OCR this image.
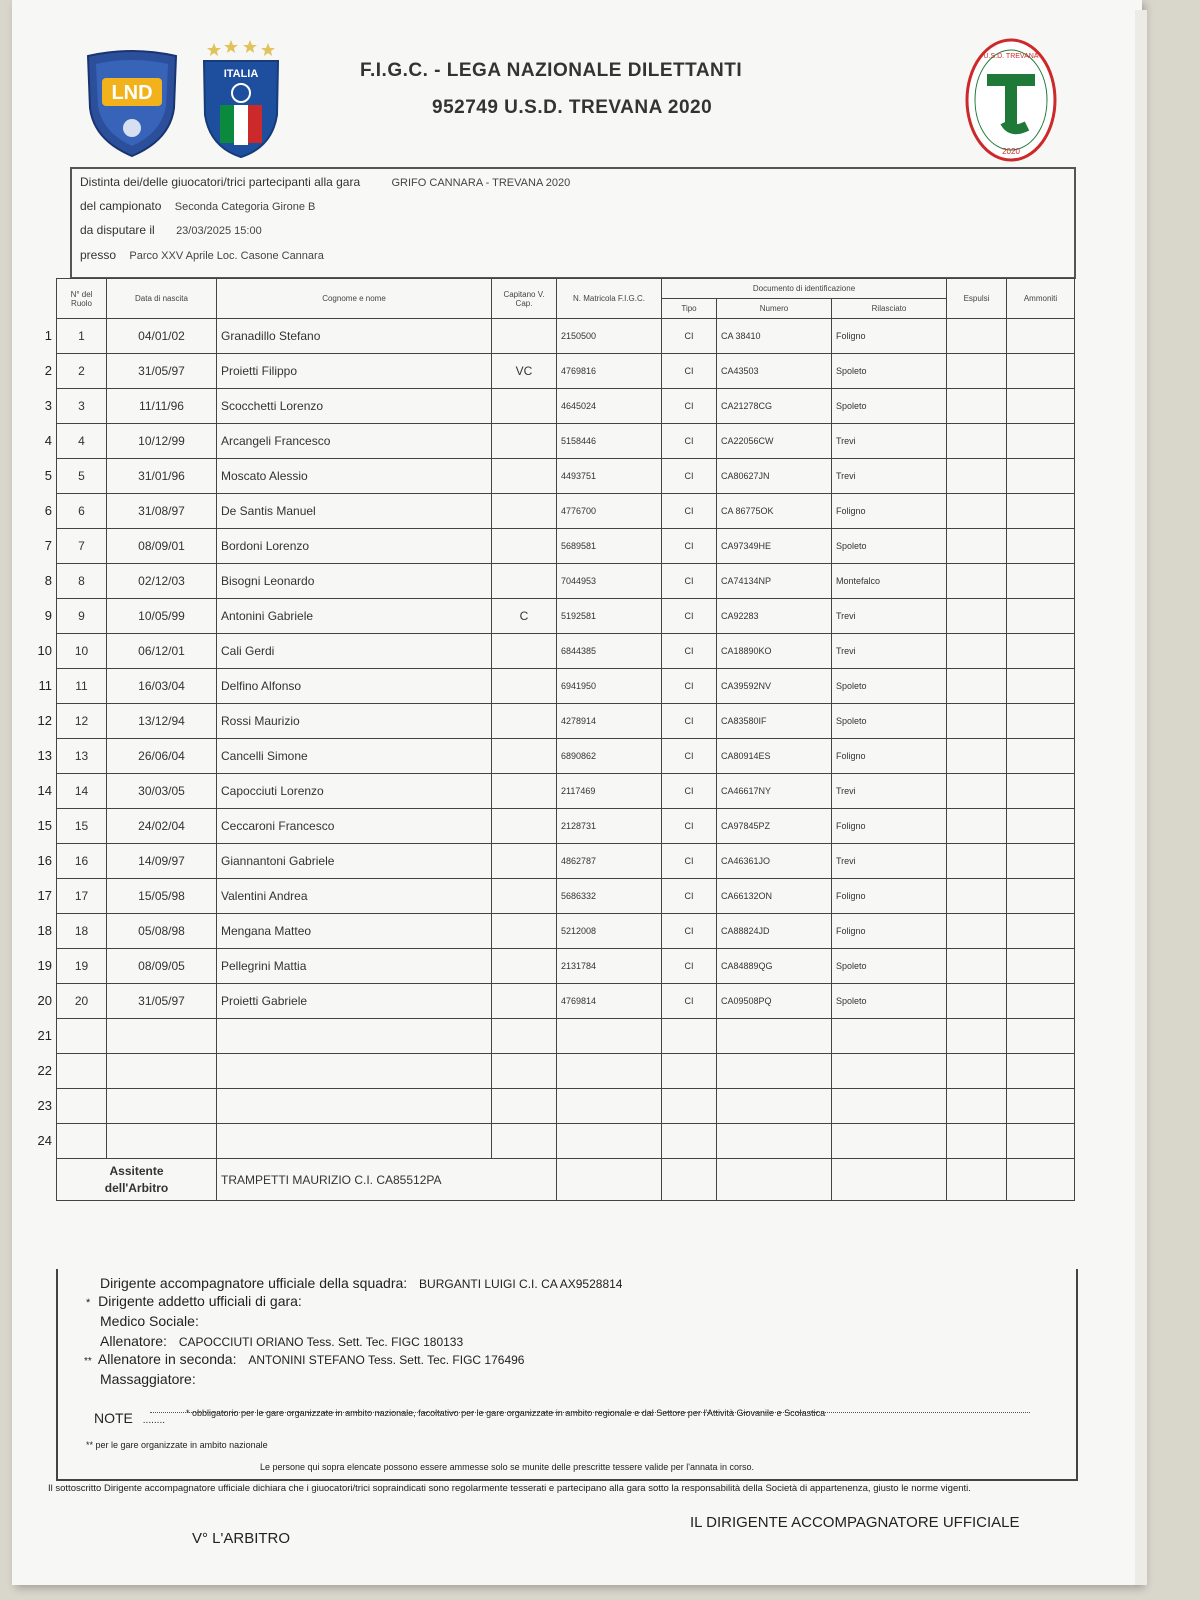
LND
ITALIA
U.S.D. TREVANA
2020
F.I.G.C. - LEGA NAZIONALE DILETTANTI
952749 U.S.D. TREVANA 2020
Distinta dei/delle giuocatori/trici partecipanti alla gara	GRIFO CANNARA - TREVANA 2020
del campionato Seconda Categoria Girone B
da disputare il 23/03/2025 15:00
presso Parco XXV Aprile Loc. Casone Cannara
N° del Ruolo	Data di nascita	Cognome e nome	Capitano V. Cap.	N. Matricola F.I.G.C.	Documento di identificazione			Espulsi	Ammoniti
					Tipo	Numero	Rilasciato		
1	04/01/02	Granadillo Stefano		2150500	CI	CA 38410	Foligno		
2	31/05/97	Proietti Filippo	VC	4769816	CI	CA43503	Spoleto		
3	11/11/96	Scocchetti Lorenzo		4645024	CI	CA21278CG	Spoleto		
4	10/12/99	Arcangeli Francesco		5158446	CI	CA22056CW	Trevi		
5	31/01/96	Moscato Alessio		4493751	CI	CA80627JN	Trevi		
6	31/08/97	De Santis Manuel		4776700	CI	CA 86775OK	Foligno		
7	08/09/01	Bordoni Lorenzo		5689581	CI	CA97349HE	Spoleto		
8	02/12/03	Bisogni Leonardo		7044953	CI	CA74134NP	Montefalco		
9	10/05/99	Antonini Gabriele	C	5192581	CI	CA92283	Trevi		
10	06/12/01	Cali Gerdi		6844385	CI	CA18890KO	Trevi		
11	16/03/04	Delfino Alfonso		6941950	CI	CA39592NV	Spoleto		
12	13/12/94	Rossi Maurizio		4278914	CI	CA83580IF	Spoleto		
13	26/06/04	Cancelli Simone		6890862	CI	CA80914ES	Foligno		
14	30/03/05	Capocciuti Lorenzo		2117469	CI	CA46617NY	Trevi		
15	24/02/04	Ceccaroni Francesco		2128731	CI	CA97845PZ	Foligno		
16	14/09/97	Giannantoni Gabriele		4862787	CI	CA46361JO	Trevi		
17	15/05/98	Valentini Andrea		5686332	CI	CA66132ON	Foligno		
18	05/08/98	Mengana Matteo		5212008	CI	CA88824JD	Foligno		
19	08/09/05	Pellegrini Mattia		2131784	CI	CA84889QG	Spoleto		
20	31/05/97	Proietti Gabriele		4769814	CI	CA09508PQ	Spoleto		

Assitente
dell'Arbitro		TRAMPETTI MAURIZIO C.I. CA85512PA							
1
2
3
4
5
6
7
8
9
10
11
12
13
14
15
16
17
18
19
20
21
22
23
24
Dirigente accompagnatore ufficiale della squadra: BURGANTI LUIGI C.I. CA AX9528814
* Dirigente addetto ufficiali di gara:
Medico Sociale:
Allenatore: CAPOCCIUTI ORIANO Tess. Sett. Tec. FIGC 180133
** Allenatore in seconda: ANTONINI STEFANO Tess. Sett. Tec. FIGC 176496
Massaggiatore:
NOTE ........
* obbligatorio per le gare organizzate in ambito nazionale, facoltativo per le gare organizzate in ambito regionale e dal Settore per l'Attività Giovanile e Scolastica
** per le gare organizzate in ambito nazionale
Le persone qui sopra elencate possono essere ammesse solo se munite delle prescritte tessere valide per l'annata in corso.
Il sottoscritto Dirigente accompagnatore ufficiale dichiara che i giuocatori/trici sopraindicati sono regolarmente tesserati e partecipano alla gara sotto la responsabilità della Società di appartenenza, giusto le norme vigenti.
V° L'ARBITRO
IL DIRIGENTE ACCOMPAGNATORE UFFICIALE
